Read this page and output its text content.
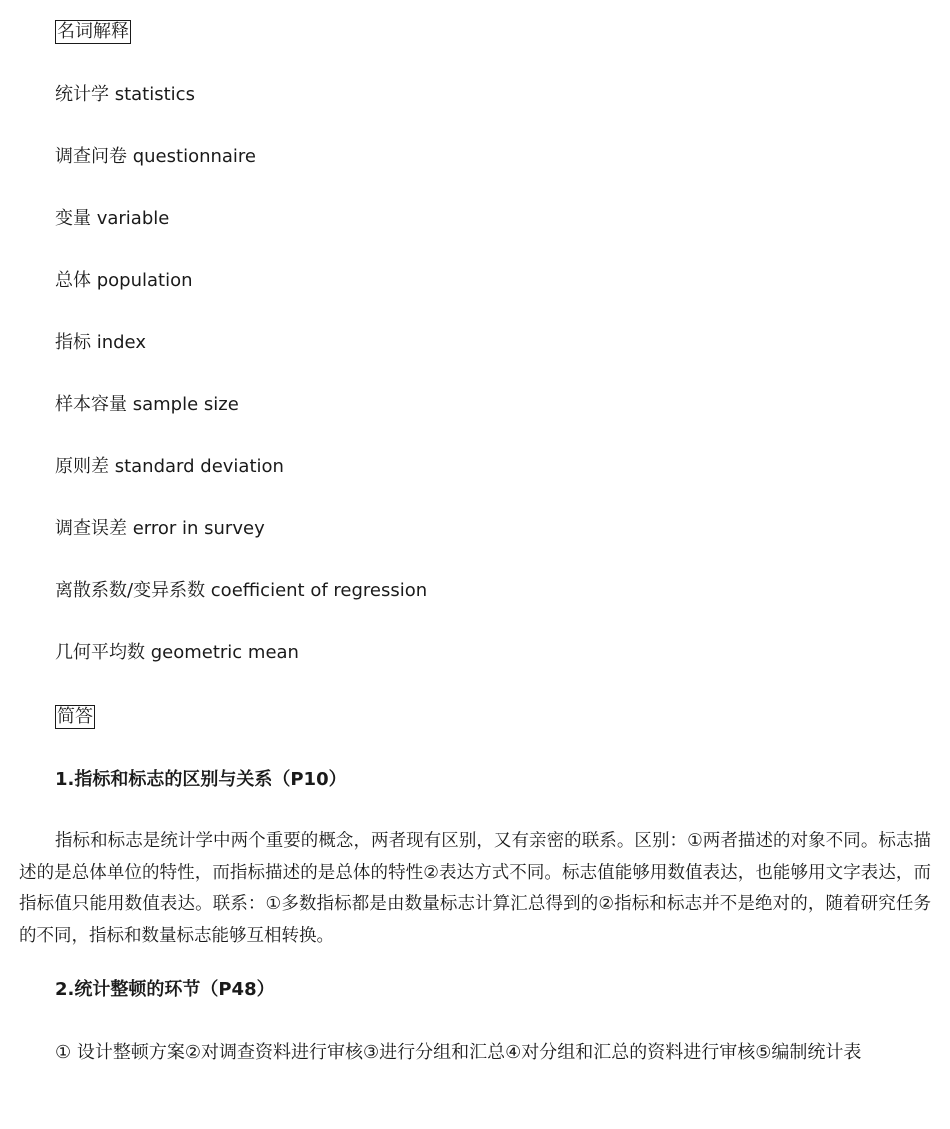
名词解释
统计学 statistics
调查问卷 questionnaire
变量 variable
总体 population
指标 index
样本容量 sample size
原则差 standard deviation
调查误差 error in survey
离散系数/变异系数 coefficient of regression
几何平均数 geometric mean
简答
1.指标和标志的区别与关系（P10）
指标和标志是统计学中两个重要的概念，两者现有区别，又有亲密的联系。区别：①两者描述的对象不同。标志描述的是总体单位的特性，而指标描述的是总体的特性②表达方式不同。标志值能够用数值表达，也能够用文字表达，而指标值只能用数值表达。联系：①多数指标都是由数量标志计算汇总得到的②指标和标志并不是绝对的，随着研究任务的不同，指标和数量标志能够互相转换。
2.统计整顿的环节（P48）
① 设计整顿方案②对调查资料进行审核③进行分组和汇总④对分组和汇总的资料进行审核⑤编制统计表
